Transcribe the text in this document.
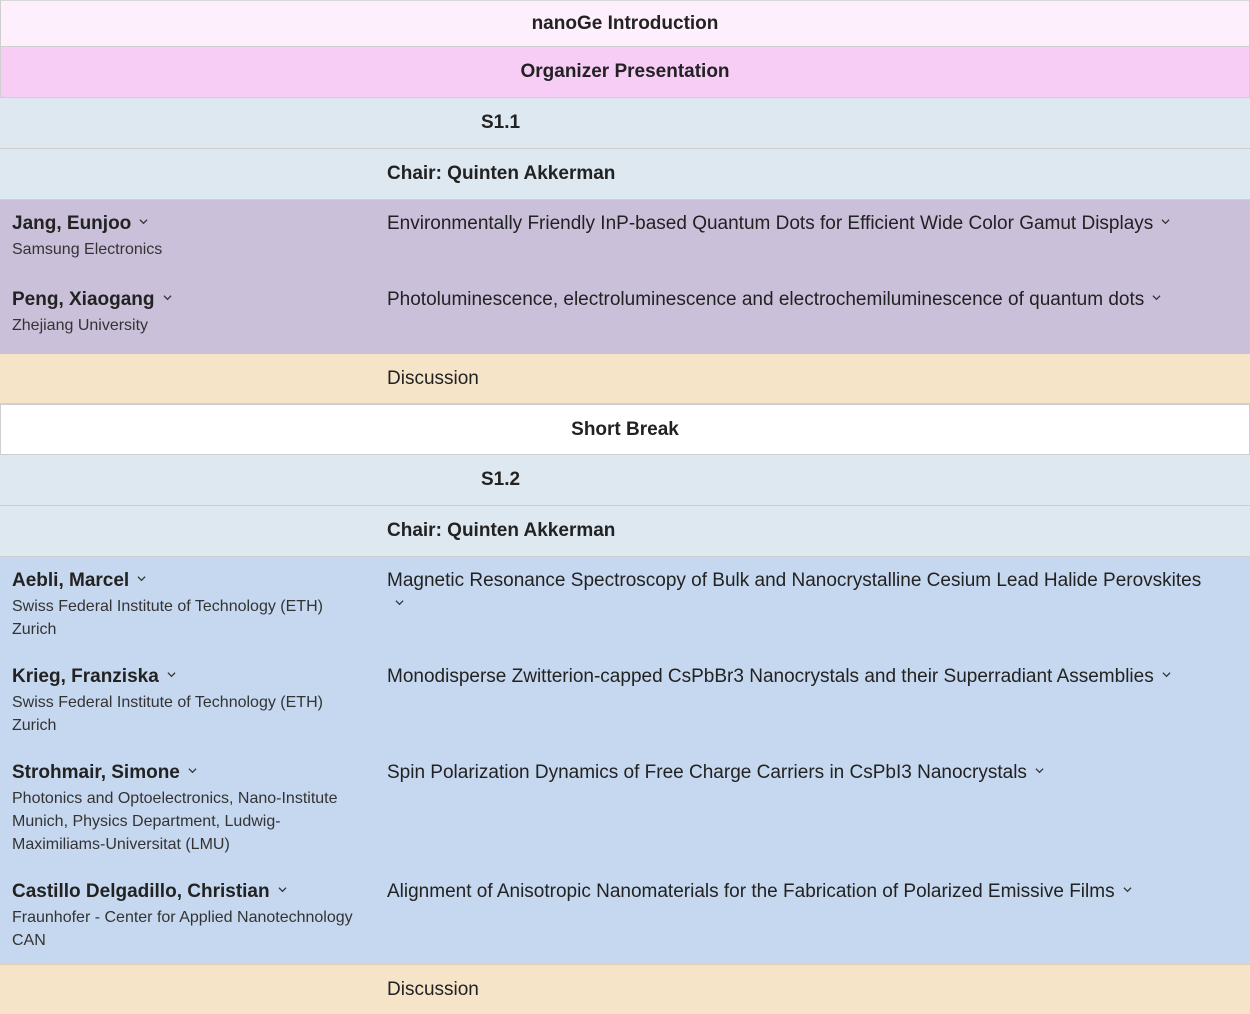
nanoGe Introduction
Organizer Presentation
S1.1
Chair: Quinten Akkerman
Jang, Eunjoo
Samsung Electronics
Environmentally Friendly InP-based Quantum Dots for Efficient Wide Color Gamut Displays
Peng, Xiaogang
Zhejiang University
Photoluminescence, electroluminescence and electrochemiluminescence of quantum dots
Discussion
Short Break
S1.2
Chair: Quinten Akkerman
Aebli, Marcel
Swiss Federal Institute of Technology (ETH) Zurich
Magnetic Resonance Spectroscopy of Bulk and Nanocrystalline Cesium Lead Halide Perovskites
Krieg, Franziska
Swiss Federal Institute of Technology (ETH) Zurich
Monodisperse Zwitterion-capped CsPbBr3 Nanocrystals and their Superradiant Assemblies
Strohmair, Simone
Photonics and Optoelectronics, Nano-Institute Munich, Physics Department, Ludwig-Maximiliams-Universitat (LMU)
Spin Polarization Dynamics of Free Charge Carriers in CsPbI3 Nanocrystals
Castillo Delgadillo, Christian
Fraunhofer - Center for Applied Nanotechnology CAN
Alignment of Anisotropic Nanomaterials for the Fabrication of Polarized Emissive Films
Discussion
